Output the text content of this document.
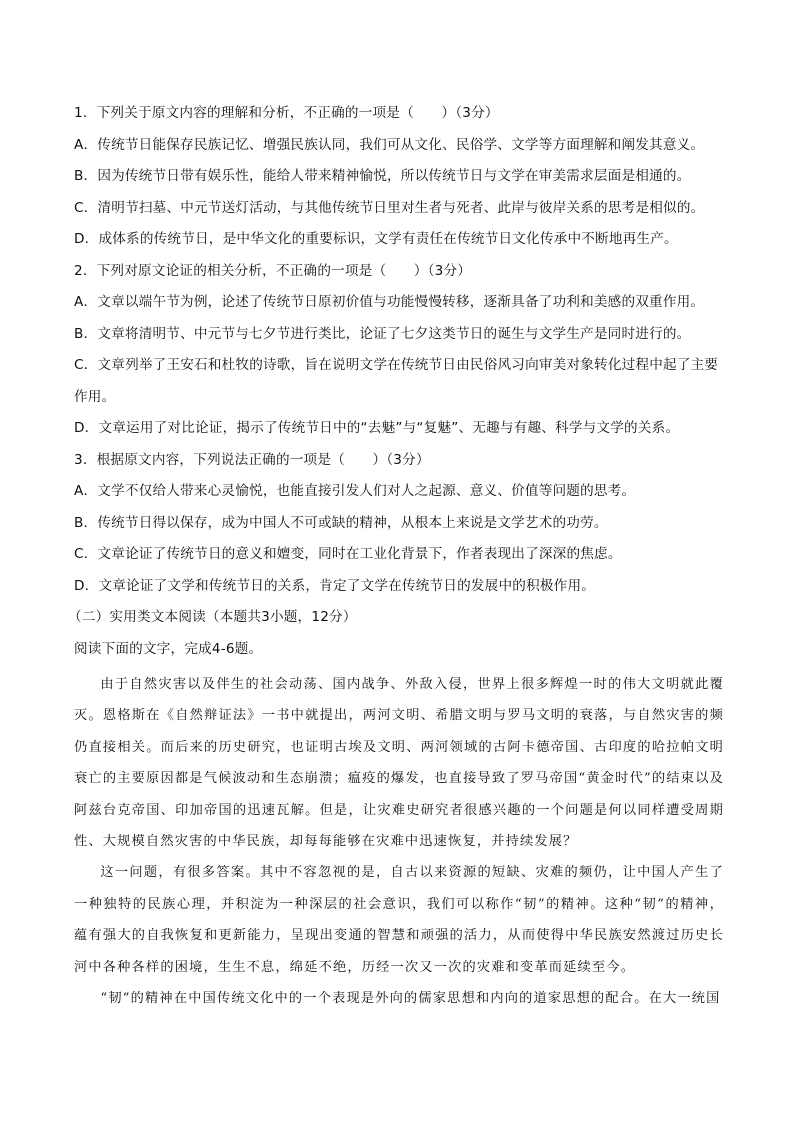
1．下列关于原文内容的理解和分析，不正确的一项是（　　）（3分）
A．传统节日能保存民族记忆、增强民族认同，我们可从文化、民俗学、文学等方面理解和阐发其意义。
B．因为传统节日带有娱乐性，能给人带来精神愉悦，所以传统节日与文学在审美需求层面是相通的。
C．清明节扫墓、中元节送灯活动，与其他传统节日里对生者与死者、此岸与彼岸关系的思考是相似的。
D．成体系的传统节日，是中华文化的重要标识，文学有责任在传统节日文化传承中不断地再生产。
2．下列对原文论证的相关分析，不正确的一项是（　　）（3分）
A．文章以端午节为例，论述了传统节日原初价值与功能慢慢转移，逐渐具备了功利和美感的双重作用。
B．文章将清明节、中元节与七夕节进行类比，论证了七夕这类节日的诞生与文学生产是同时进行的。
C．文章列举了王安石和杜牧的诗歌，旨在说明文学在传统节日由民俗风习向审美对象转化过程中起了主要
作用。
D．文章运用了对比论证，揭示了传统节日中的“去魅”与“复魅”、无趣与有趣、科学与文学的关系。
3．根据原文内容，下列说法正确的一项是（　　）（3分）
A．文学不仅给人带来心灵愉悦，也能直接引发人们对人之起源、意义、价值等问题的思考。
B．传统节日得以保存，成为中国人不可或缺的精神，从根本上来说是文学艺术的功劳。
C．文章论证了传统节日的意义和嬗变，同时在工业化背景下，作者表现出了深深的焦虑。
D．文章论证了文学和传统节日的关系，肯定了文学在传统节日的发展中的积极作用。
（二）实用类文本阅读（本题共3小题，12分）
阅读下面的文字，完成4-6题。

由于自然灾害以及伴生的社会动荡、国内战争、外敌入侵，世界上很多辉煌一时的伟大文明就此覆灭。恩格斯在《自然辩证法》一书中就提出，两河文明、希腊文明与罗马文明的衰落，与自然灾害的频仍直接相关。而后来的历史研究，也证明古埃及文明、两河领域的古阿卡德帝国、古印度的哈拉帕文明衰亡的主要原因都是气候波动和生态崩溃；瘟疫的爆发，也直接导致了罗马帝国“黄金时代”的结束以及阿兹台克帝国、印加帝国的迅速瓦解。但是，让灾难史研究者很感兴趣的一个问题是何以同样遭受周期性、大规模自然灾害的中华民族，却每每能够在灾难中迅速恢复，并持续发展？

这一问题，有很多答案。其中不容忽视的是，自古以来资源的短缺、灾难的频仍，让中国人产生了一种独特的民族心理，并积淀为一种深层的社会意识，我们可以称作“韧”的精神。这种“韧”的精神，蕴有强大的自我恢复和更新能力，呈现出变通的智慧和顽强的活力，从而使得中华民族安然渡过历史长河中各种各样的困境，生生不息，绵延不绝，历经一次又一次的灾难和变革而延续至今。

“韧”的精神在中国传统文化中的一个表现是外向的儒家思想和内向的道家思想的配合。在大一统国
